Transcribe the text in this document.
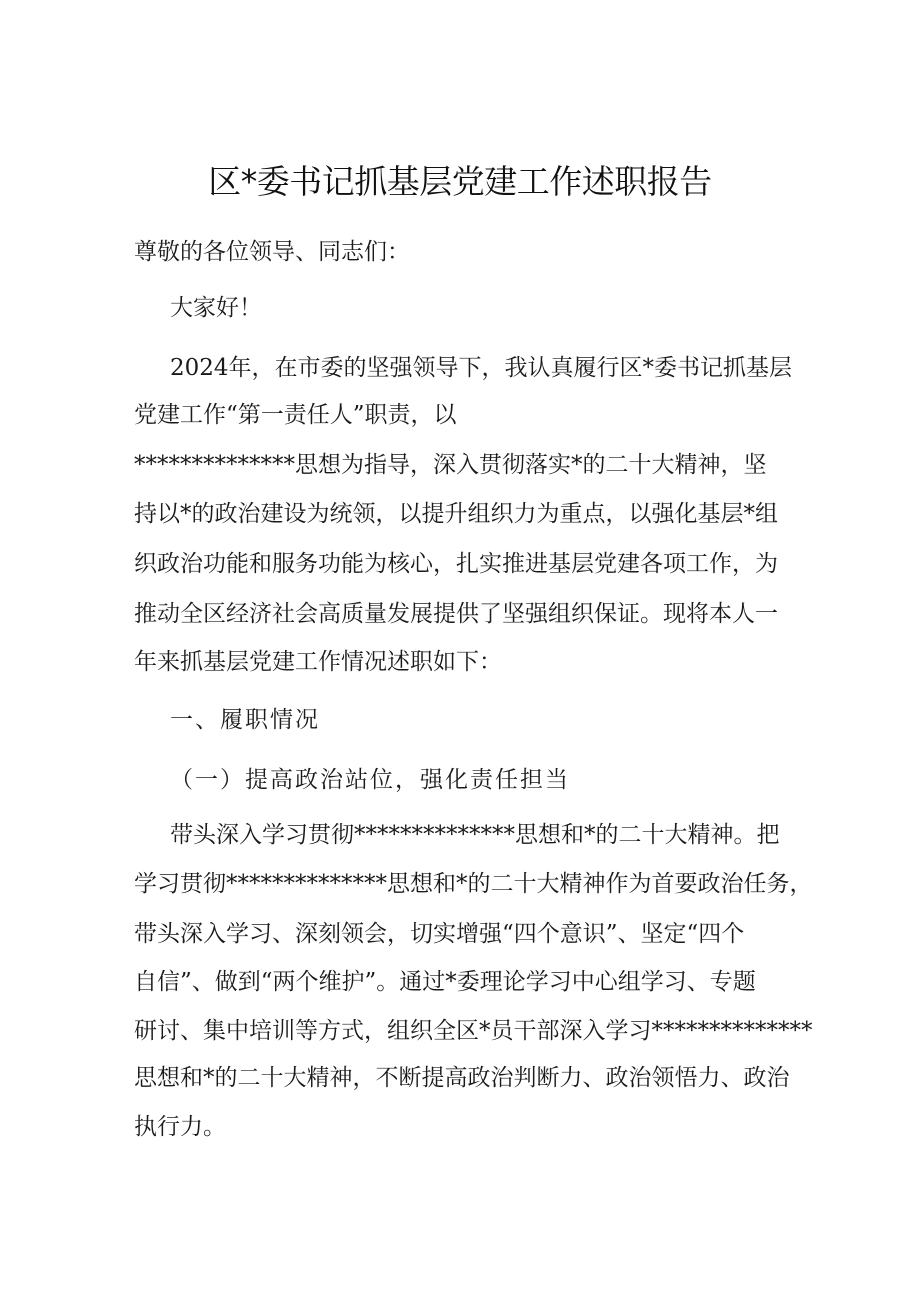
区*委书记抓基层党建工作述职报告
尊敬的各位领导、同志们：
大家好！
2024年，在市委的坚强领导下，我认真履行区*委书记抓基层
党建工作“第一责任人”职责，以
**************思想为指导，深入贯彻落实*的二十大精神，坚
持以*的政治建设为统领，以提升组织力为重点，以强化基层*组
织政治功能和服务功能为核心，扎实推进基层党建各项工作，为
推动全区经济社会高质量发展提供了坚强组织保证。现将本人一
年来抓基层党建工作情况述职如下：
一、履职情况
（一）提高政治站位，强化责任担当
带头深入学习贯彻**************思想和*的二十大精神。把
学习贯彻**************思想和*的二十大精神作为首要政治任务，
带头深入学习、深刻领会，切实增强“四个意识”、坚定“四个
自信”、做到“两个维护”。通过*委理论学习中心组学习、专题
研讨、集中培训等方式，组织全区*员干部深入学习**************
思想和*的二十大精神，不断提高政治判断力、政治领悟力、政治
执行力。
